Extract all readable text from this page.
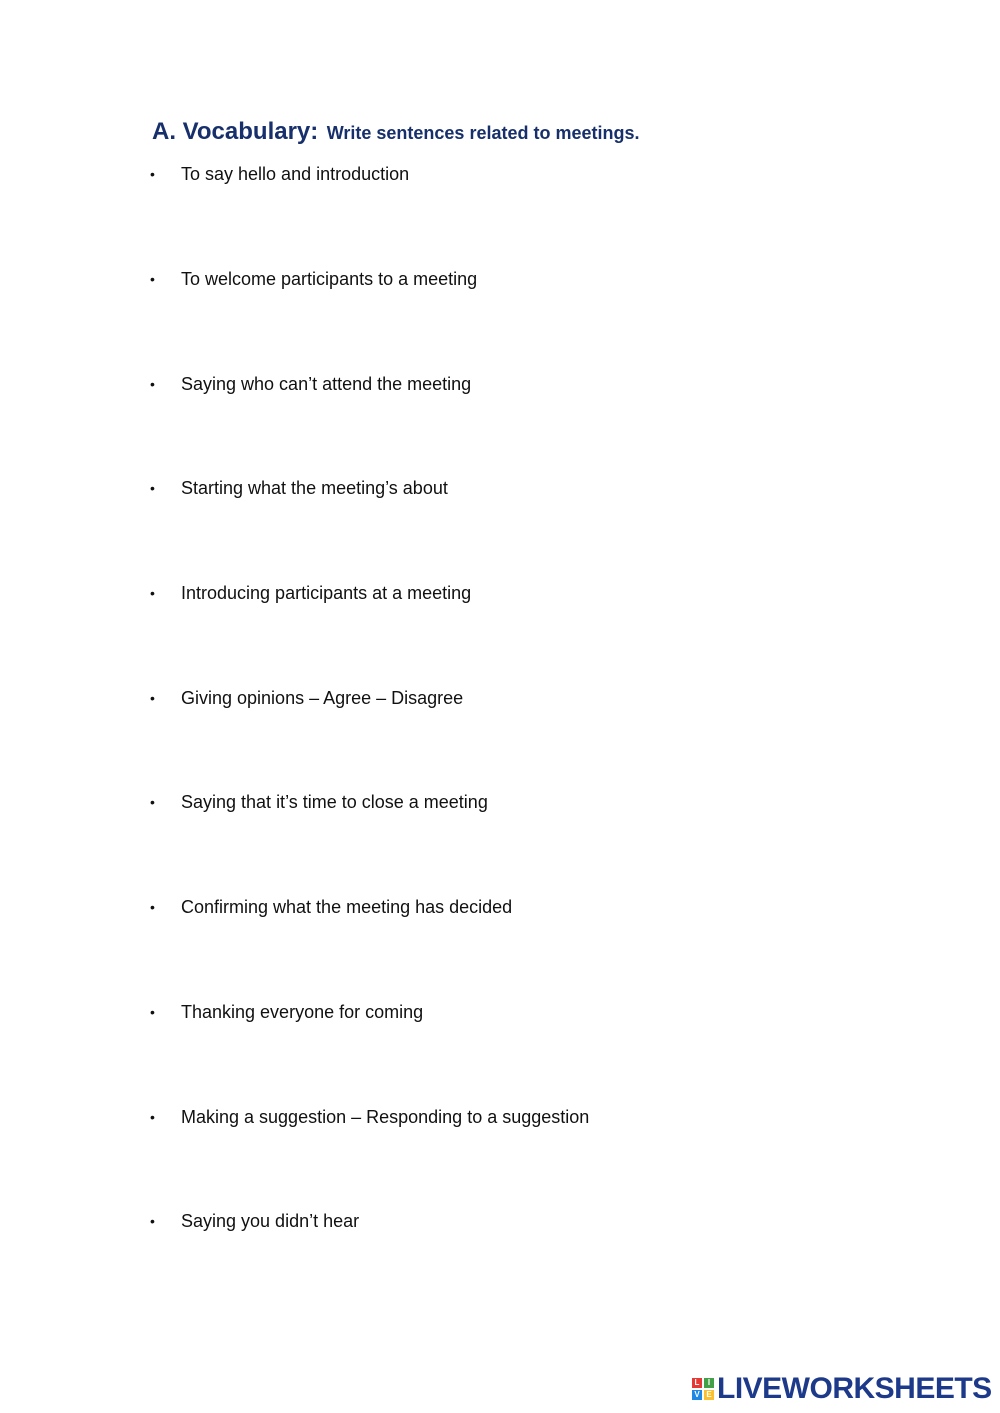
A. Vocabulary: Write sentences related to meetings.
•
To say hello and introduction
•
To welcome participants to a meeting
•
Saying who can’t attend the meeting
•
Starting what the meeting’s about
•
Introducing participants at a meeting
•
Giving opinions – Agree – Disagree
•
Saying that it’s time to close a meeting
•
Confirming what the meeting has decided
•
Thanking everyone for coming
•
Making a suggestion – Responding to a suggestion
•
Saying you didn’t hear
L	I
V E LIVEWORKSHEETS
